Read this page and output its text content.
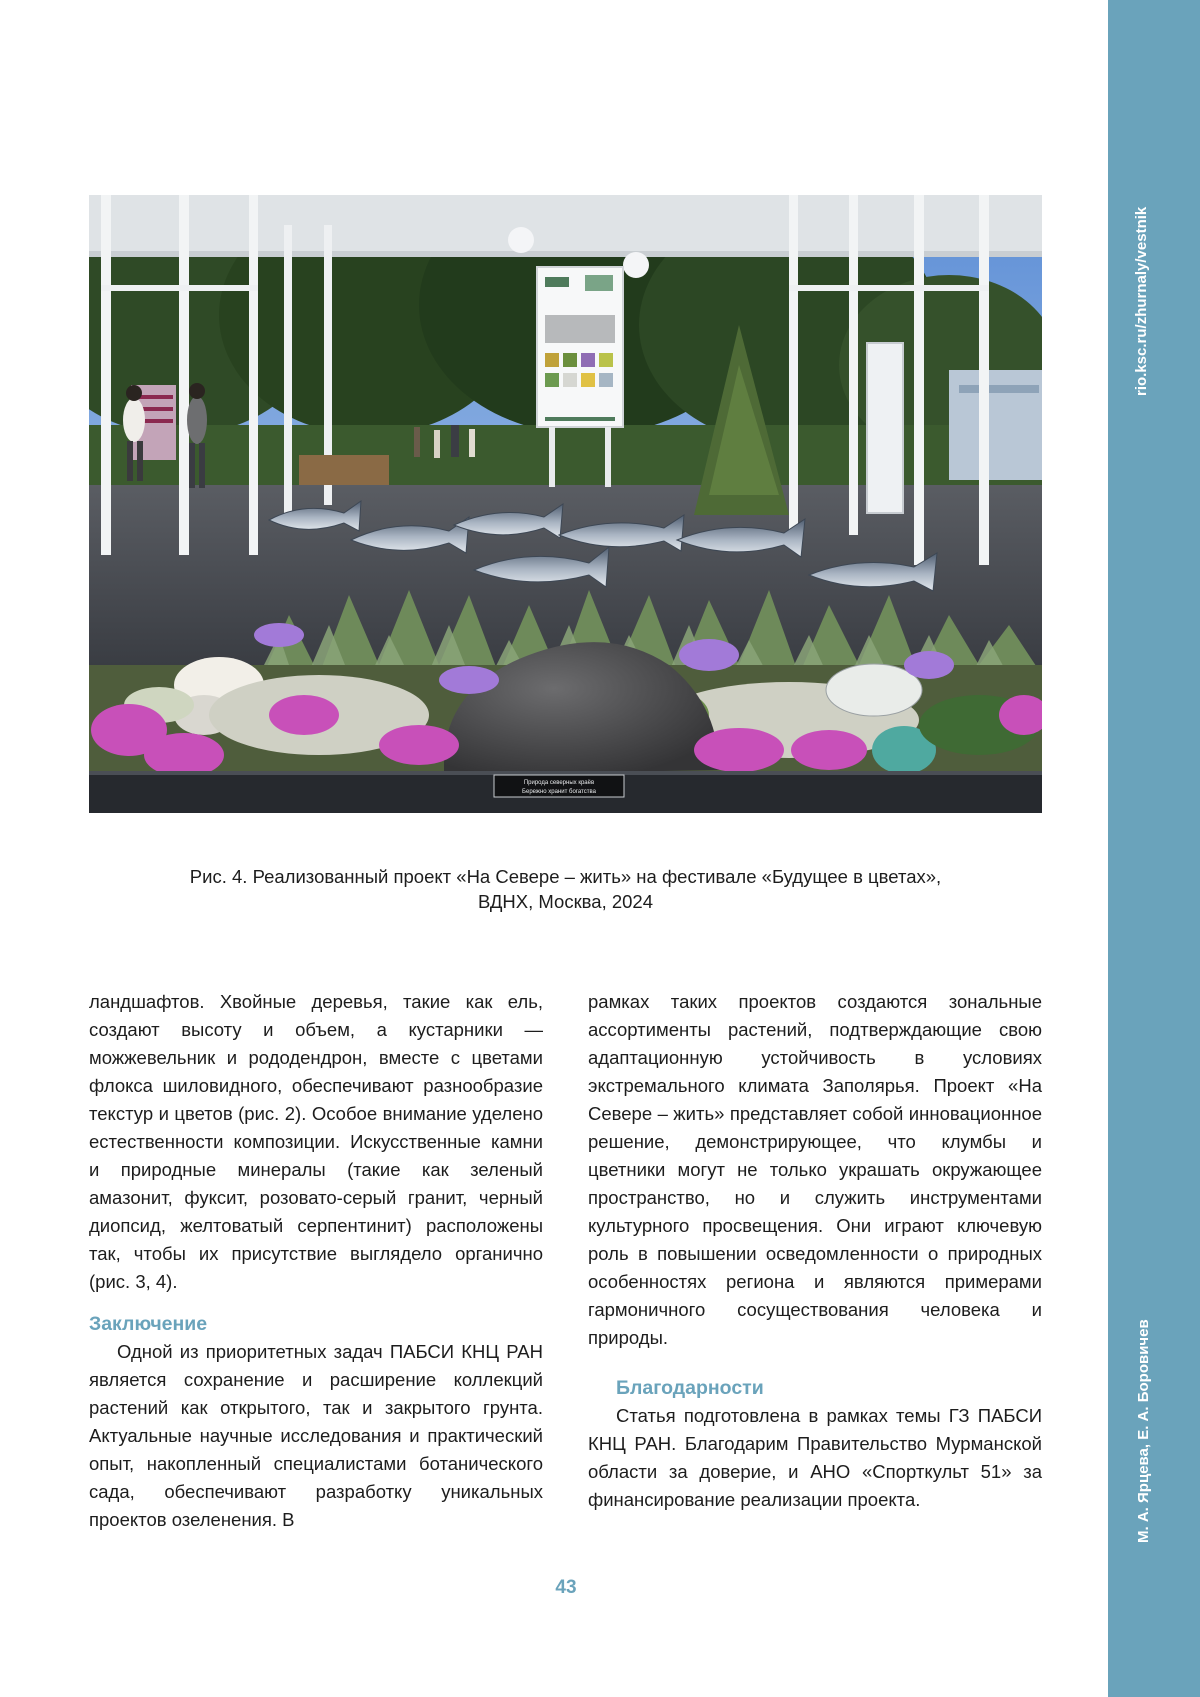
rio.ksc.ru/zhurnaly/vestnik
М. А. Ярцева, Е. А. Боровичев
Природа северных краёв
Бережно хранит богатства
Рис. 4. Реализованный проект «На Севере – жить» на фестивале «Будущее в цветах»,
ВДНХ, Москва, 2024

ландшафтов. Хвойные деревья, такие как ель, создают высоту и объем, а кустарники — можжевельник и рододендрон, вместе с цветами флокса шиловидного, обеспечивают разнообразие текстур и цветов (рис. 2). Особое внимание уделено естественности композиции. Искусственные камни и природные минералы (такие как зеленый амазонит, фуксит, розовато-серый гранит, черный диопсид, желтоватый серпентинит) расположены так, чтобы их присутствие выглядело органично (рис. 3, 4).

Заключение

Одной из приоритетных задач ПАБСИ КНЦ РАН является сохранение и расширение коллекций растений как открытого, так и закрытого грунта. Актуальные научные исследования и практический опыт, накопленный специалистами ботанического сада, обеспечивают разработку уникальных проектов озеленения. В

рамках таких проектов создаются зональные ассортименты растений, подтверждающие свою адаптационную устойчивость в условиях экстремального климата Заполярья. Проект «На Севере – жить» представляет собой инновационное решение, демонстрирующее, что клумбы и цветники могут не только украшать окружающее пространство, но и служить инструментами культурного просвещения. Они играют ключевую роль в повышении осведомленности о природных особенностях региона и являются примерами гармоничного сосуществования человека и природы.

Благодарности

Статья подготовлена в рамках темы ГЗ ПАБСИ КНЦ РАН. Благодарим Правительство Мурманской области за доверие, и АНО «Спорткульт 51» за финансирование реализации проекта.

43
